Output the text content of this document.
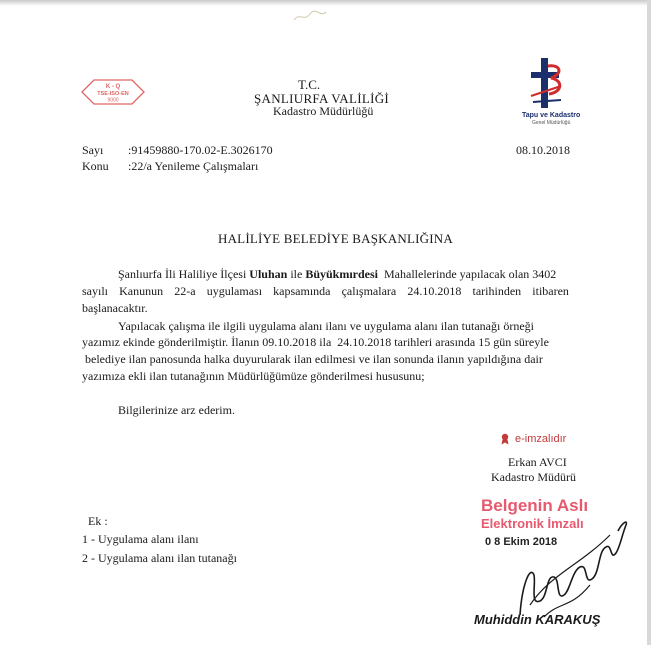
K - Q
TSE-ISO-EN
9000
T.C.
ŞANLIURFA VALİLİĞİ
Kadastro Müdürlüğü	Tapu ve Kadastro
Genel Müdürlüğü
Sayı :91459880-170.02-E.3026170
Konu :22/a Yenileme Çalışmaları
08.10.2018
HALİLİYE BELEDİYE BAŞKANLIĞINA
Şanlıurfa İli Haliliye İlçesi Uluhan ile Büyükmırdesi  Mahallelerinde yapılacak olan 3402
sayılı Kanunun 22-a uygulaması kapsamında çalışmalara 24.10.2018 tarihinden itibaren
başlanacaktır.
Yapılacak çalışma ile ilgili uygulama alanı ilanı ve uygulama alanı ilan tutanağı örneği
yazımız ekinde gönderilmiştir. İlanın 09.10.2018 ila  24.10.2018 tarihleri arasında 15 gün süreyle
belediye ilan panosunda halka duyurularak ilan edilmesi ve ilan sonunda ilanın yapıldığına dair
yazımıza ekli ilan tutanağının Müdürlüğümüze gönderilmesi hususunu;
Bilgilerinize arz ederim.
e-imzalıdır
Erkan AVCI
Kadastro Müdürü
Ek :
1 - Uygulama alanı ilanı
2 - Uygulama alanı ilan tutanağı
Belgenin Aslı
Elektronik İmzalı
0 8 Ekim 2018
Muhiddin KARAKUŞ
